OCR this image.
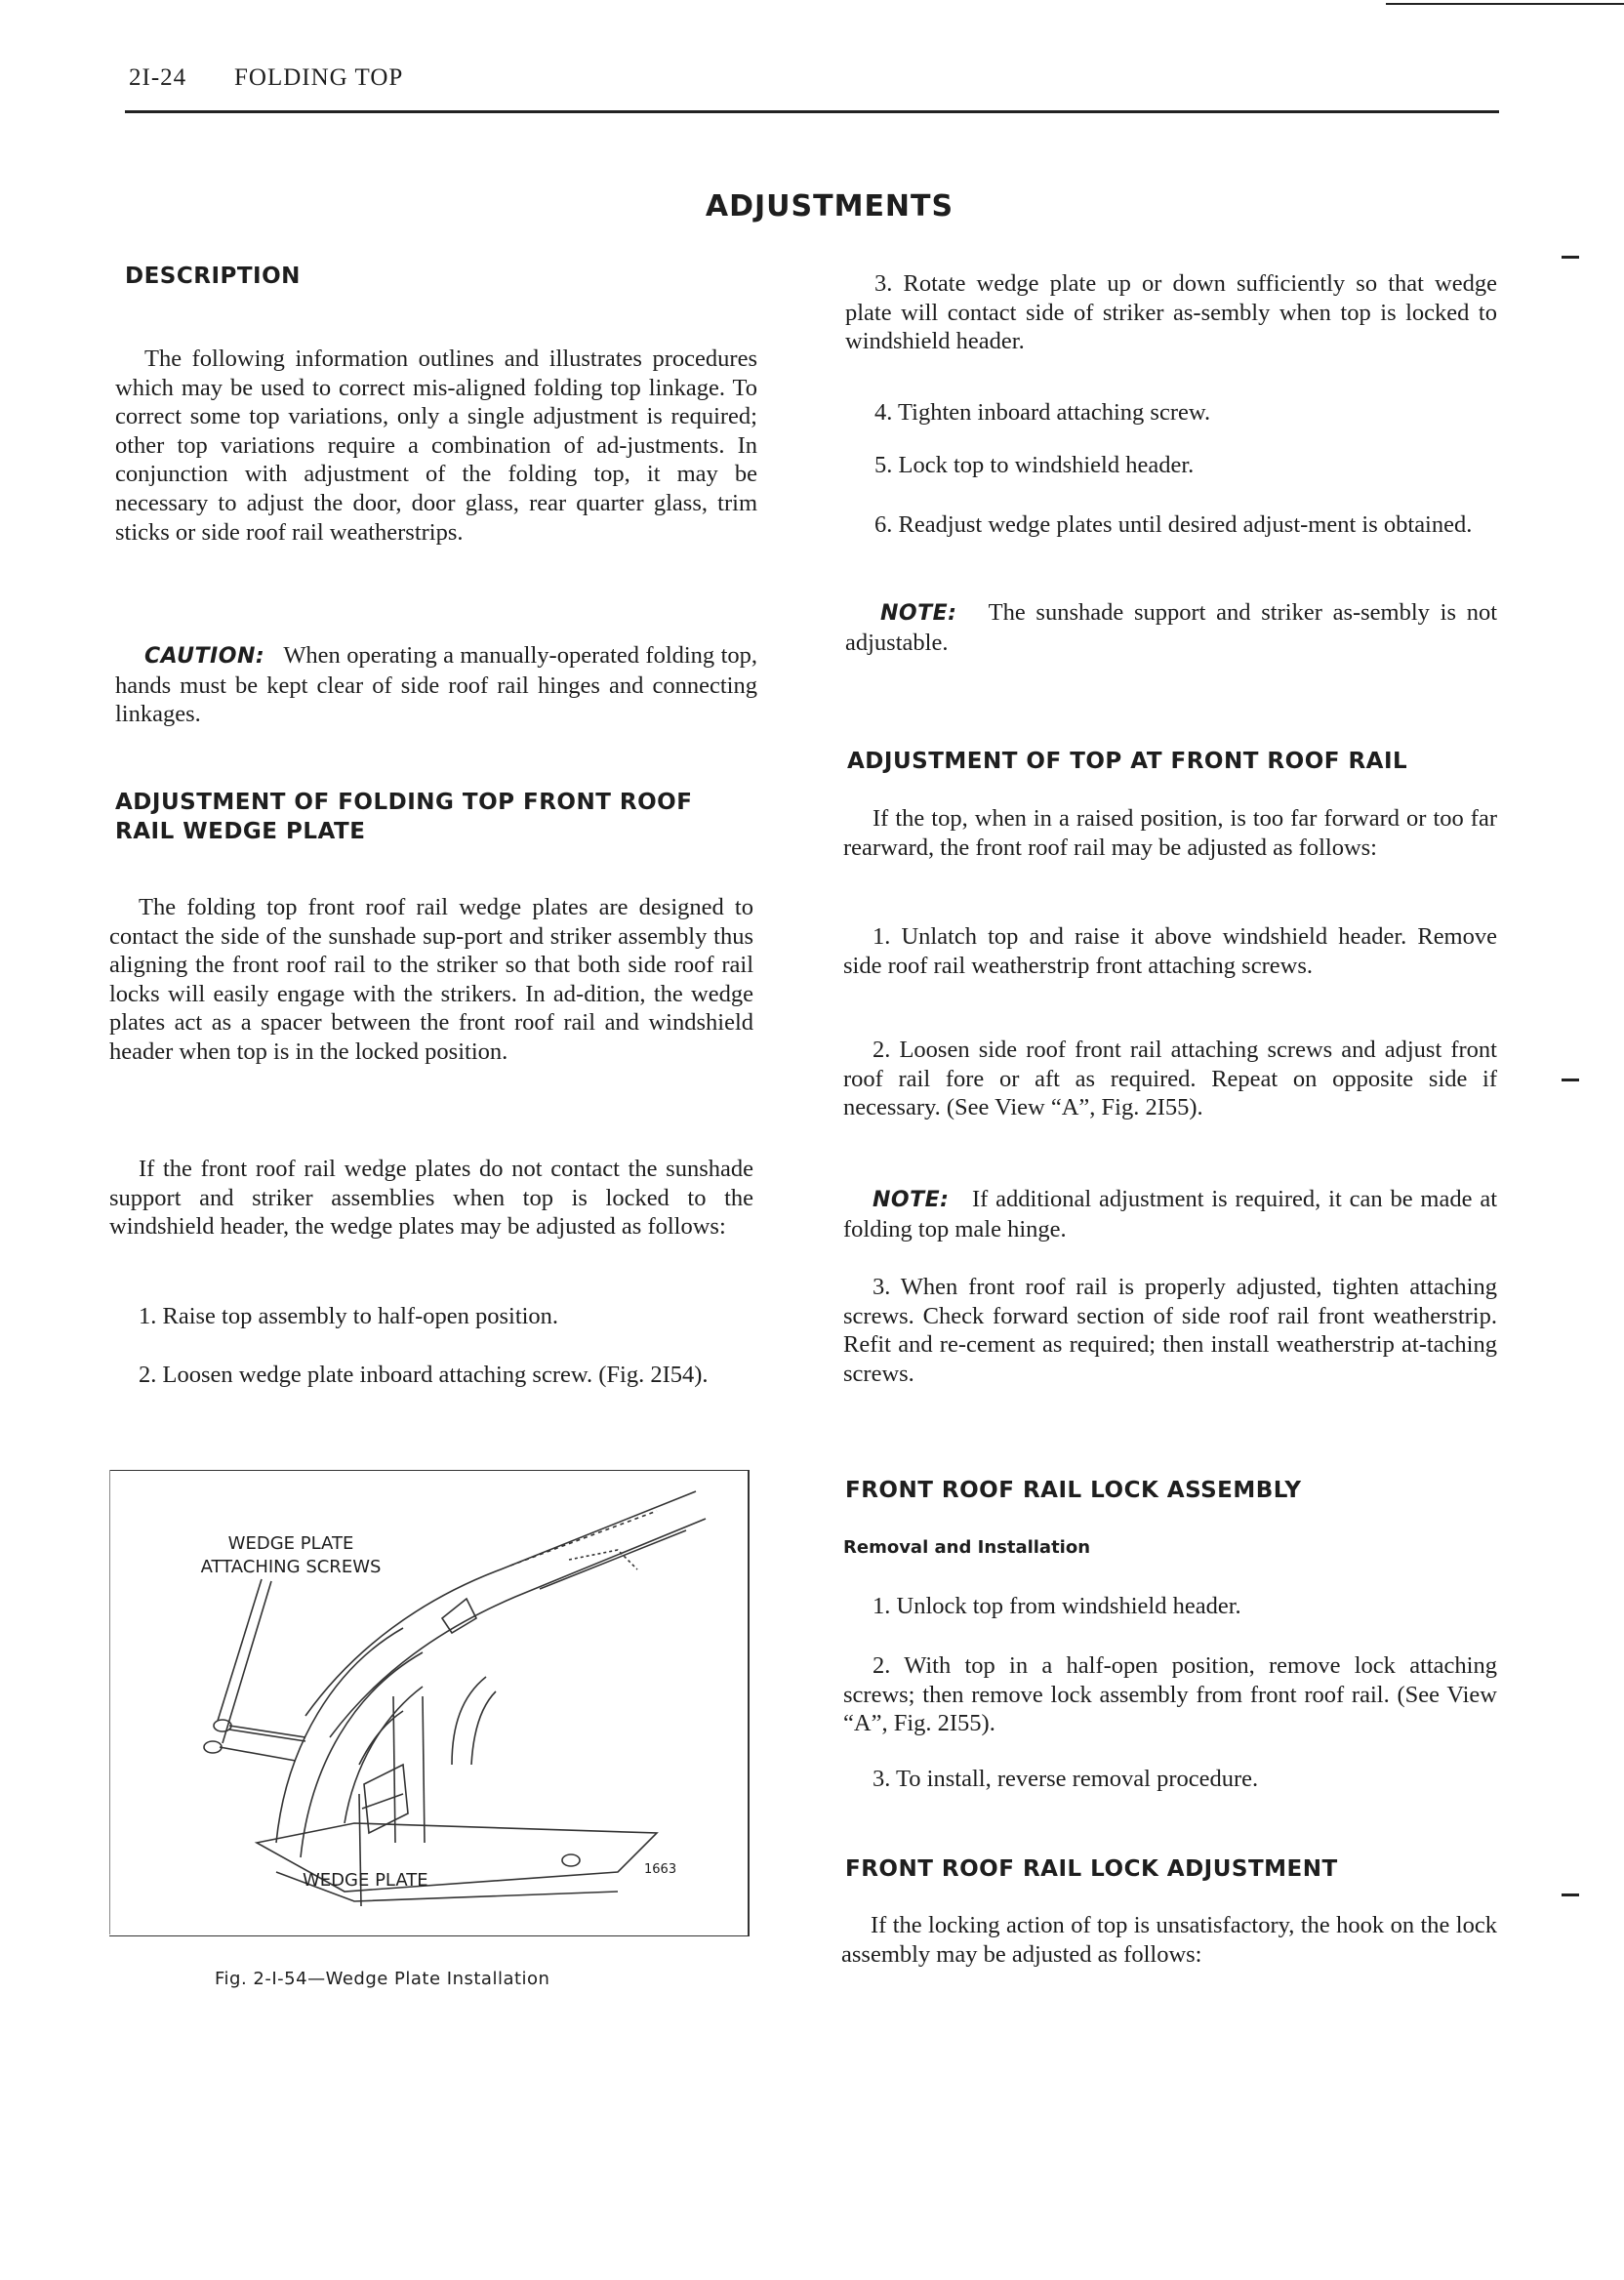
2I-24 FOLDING TOP
ADJUSTMENTS
DESCRIPTION

The following information outlines and illustrates procedures which may be used to correct mis-aligned folding top linkage. To correct some top variations, only a single adjustment is required; other top variations require a combination of ad-justments. In conjunction with adjustment of the folding top, it may be necessary to adjust the door, door glass, rear quarter glass, trim sticks or side roof rail weatherstrips.

CAUTION: When operating a manually-operated folding top, hands must be kept clear of side roof rail hinges and connecting linkages.

ADJUSTMENT OF FOLDING TOP FRONT ROOF
RAIL WEDGE PLATE

The folding top front roof rail wedge plates are designed to contact the side of the sunshade sup-port and striker assembly thus aligning the front roof rail to the striker so that both side roof rail locks will easily engage with the strikers. In ad-dition, the wedge plates act as a spacer between the front roof rail and windshield header when top is in the locked position.

If the front roof rail wedge plates do not contact the sunshade support and striker assemblies when top is locked to the windshield header, the wedge plates may be adjusted as follows:

1. Raise top assembly to half-open position.

2. Loosen wedge plate inboard attaching screw. (Fig. 2I54).

WEDGE PLATE
ATTACHING SCREWS
WEDGE PLATE
1663
Fig. 2-I-54—Wedge Plate Installation

3. Rotate wedge plate up or down sufficiently so that wedge plate will contact side of striker as-sembly when top is locked to windshield header.

4. Tighten inboard attaching screw.

5. Lock top to windshield header.

6. Readjust wedge plates until desired adjust-ment is obtained.

NOTE: The sunshade support and striker as-sembly is not adjustable.

ADJUSTMENT OF TOP AT FRONT ROOF RAIL

If the top, when in a raised position, is too far forward or too far rearward, the front roof rail may be adjusted as follows:

1. Unlatch top and raise it above windshield header. Remove side roof rail weatherstrip front attaching screws.

2. Loosen side roof front rail attaching screws and adjust front roof rail fore or aft as required. Repeat on opposite side if necessary. (See View “A”, Fig. 2I55).

NOTE: If additional adjustment is required, it can be made at folding top male hinge.

3. When front roof rail is properly adjusted, tighten attaching screws. Check forward section of side roof rail front weatherstrip. Refit and re-cement as required; then install weatherstrip at-taching screws.

FRONT ROOF RAIL LOCK ASSEMBLY
Removal and Installation

1. Unlock top from windshield header.

2. With top in a half-open position, remove lock attaching screws; then remove lock assembly from front roof rail. (See View “A”, Fig. 2I55).

3. To install, reverse removal procedure.

FRONT ROOF RAIL LOCK ADJUSTMENT

If the locking action of top is unsatisfactory, the hook on the lock assembly may be adjusted as follows:
